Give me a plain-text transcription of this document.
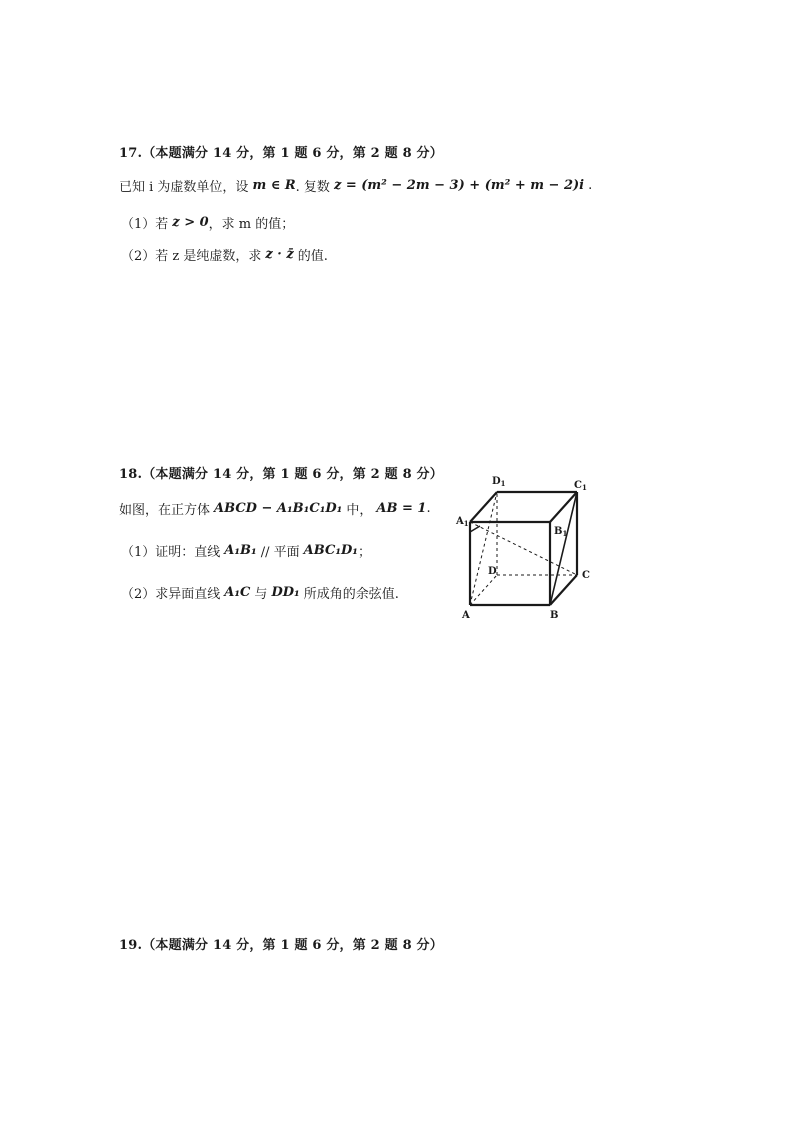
17.（本题满分 14 分，第 1 题 6 分，第 2 题 8 分）
已知 i 为虚数单位，设 m ∈ R . 复数 z = (m² − 2m − 3) + (m² + m − 2)i .
（1）若 z > 0 ，求 m 的值；
（2）若 z 是纯虚数，求 z · z̄ 的值.
18.（本题满分 14 分，第 1 题 6 分，第 2 题 8 分）
如图，在正方体 ABCD − A₁B₁C₁D₁ 中， AB = 1 .
（1）证明：直线 A₁B₁ // 平面 ABC₁D₁ ；
（2）求异面直线 A₁C 与 DD₁ 所成角的余弦值.
$D_1$	$C_1$
$A_1$
$B_1$
D	C
A	B
19.（本题满分 14 分，第 1 题 6 分，第 2 题 8 分）
